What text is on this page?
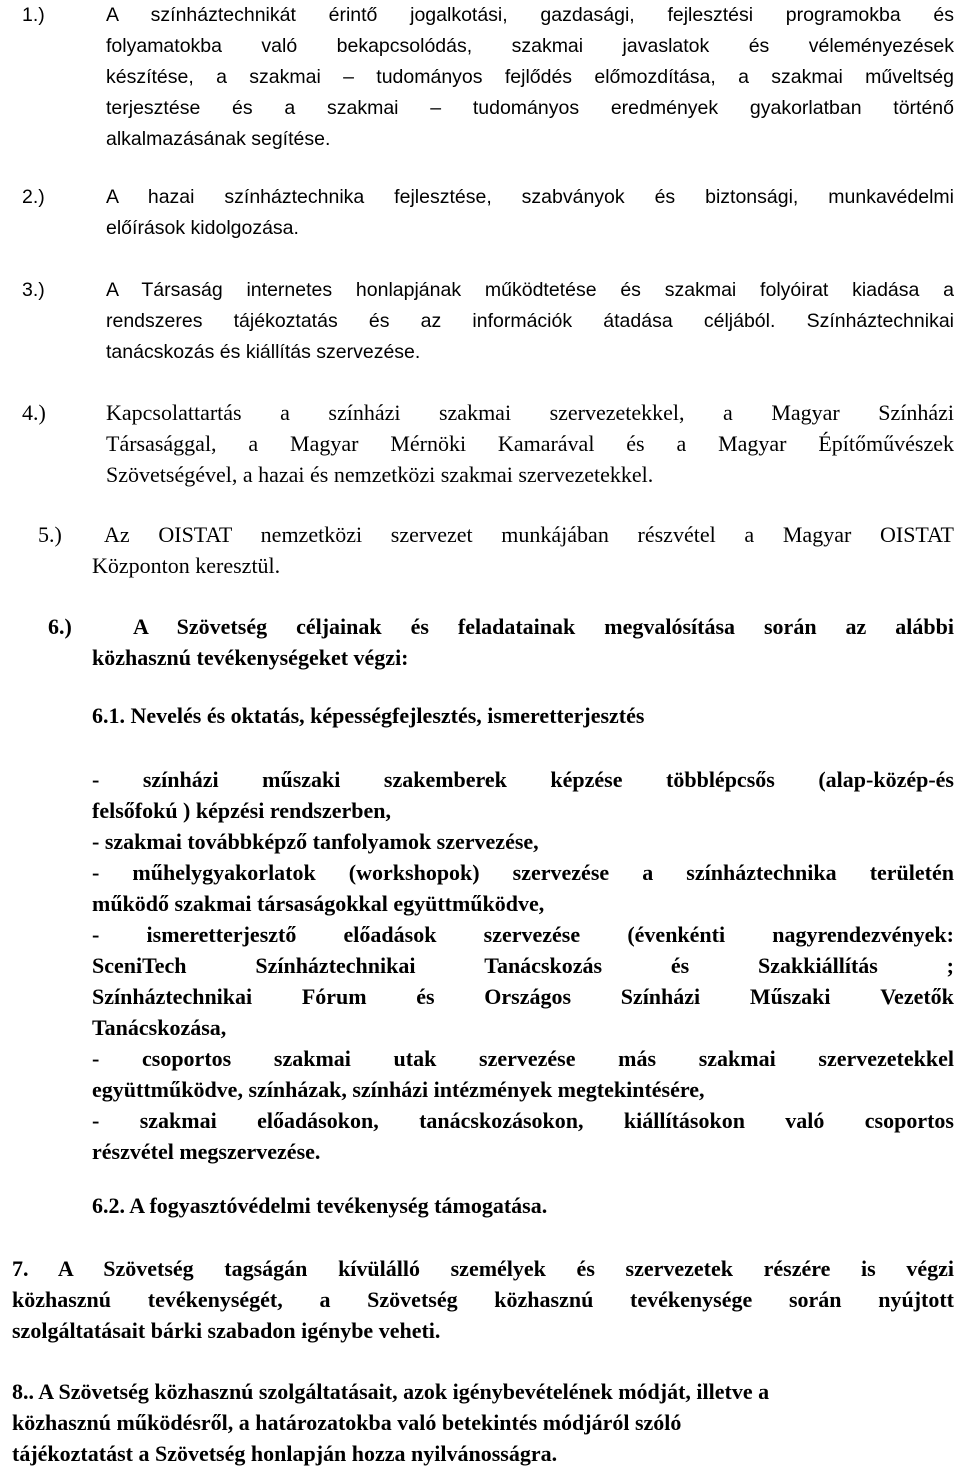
1.)	A színháztechnikát érintő jogalkotási, gazdasági, fejlesztési programokba és
folyamatokba való bekapcsolódás, szakmai javaslatok és véleményezések
készítése, a szakmai – tudományos fejlődés előmozdítása, a szakmai műveltség
terjesztése és a szakmai – tudományos eredmények gyakorlatban történő
alkalmazásának segítése.
2.)	A hazai színháztechnika fejlesztése, szabványok és biztonsági, munkavédelmi
előírások kidolgozása.
3.)	A Társaság internetes honlapjának működtetése és szakmai folyóirat kiadása a
rendszeres tájékoztatás és az információk átadása céljából. Színháztechnikai
tanácskozás és kiállítás szervezése.
4.)	Kapcsolattartás a színházi szakmai szervezetekkel, a Magyar Színházi
Társasággal, a Magyar Mérnöki Kamarával és a Magyar Építőművészek
Szövetségével, a hazai és nemzetközi szakmai szervezetekkel.
5.) Az OISTAT nemzetközi szervezet munkájában részvétel a Magyar OISTAT
Központon keresztül.
6.)	A Szövetség céljainak és feladatainak megvalósítása során az alábbi
közhasznú tevékenységeket végzi:
6.1. Nevelés és oktatás, képességfejlesztés, ismeretterjesztés
- színházi műszaki szakemberek képzése többlépcsős (alap-közép-és
felsőfokú ) képzési rendszerben,
- szakmai továbbképző tanfolyamok szervezése,
- műhelygyakorlatok (workshopok) szervezése a színháztechnika területén
működő szakmai társaságokkal együttműködve,
- ismeretterjesztő előadások szervezése (évenkénti nagyrendezvények:
SceniTech	Színháztechnikai	Tanácskozás	és	Szakkiállítás	;
Színháztechnikai Fórum és Országos Színházi Műszaki Vezetők
Tanácskozása,
- csoportos szakmai utak szervezése más szakmai szervezetekkel
együttműködve, színházak, színházi intézmények megtekintésére,
- szakmai előadásokon, tanácskozásokon, kiállításokon való csoportos
részvétel megszervezése.
6.2. A fogyasztóvédelmi tevékenység támogatása.
7. A Szövetség tagságán kívülálló személyek és szervezetek részére is végzi
közhasznú tevékenységét, a Szövetség közhasznú tevékenysége során nyújtott
szolgáltatásait bárki szabadon igénybe veheti.
8.. A Szövetség közhasznú szolgáltatásait, azok igénybevételének módját, illetve a
közhasznú működésről, a határozatokba való betekintés módjáról szóló
tájékoztatást a Szövetség honlapján hozza nyilvánosságra.
